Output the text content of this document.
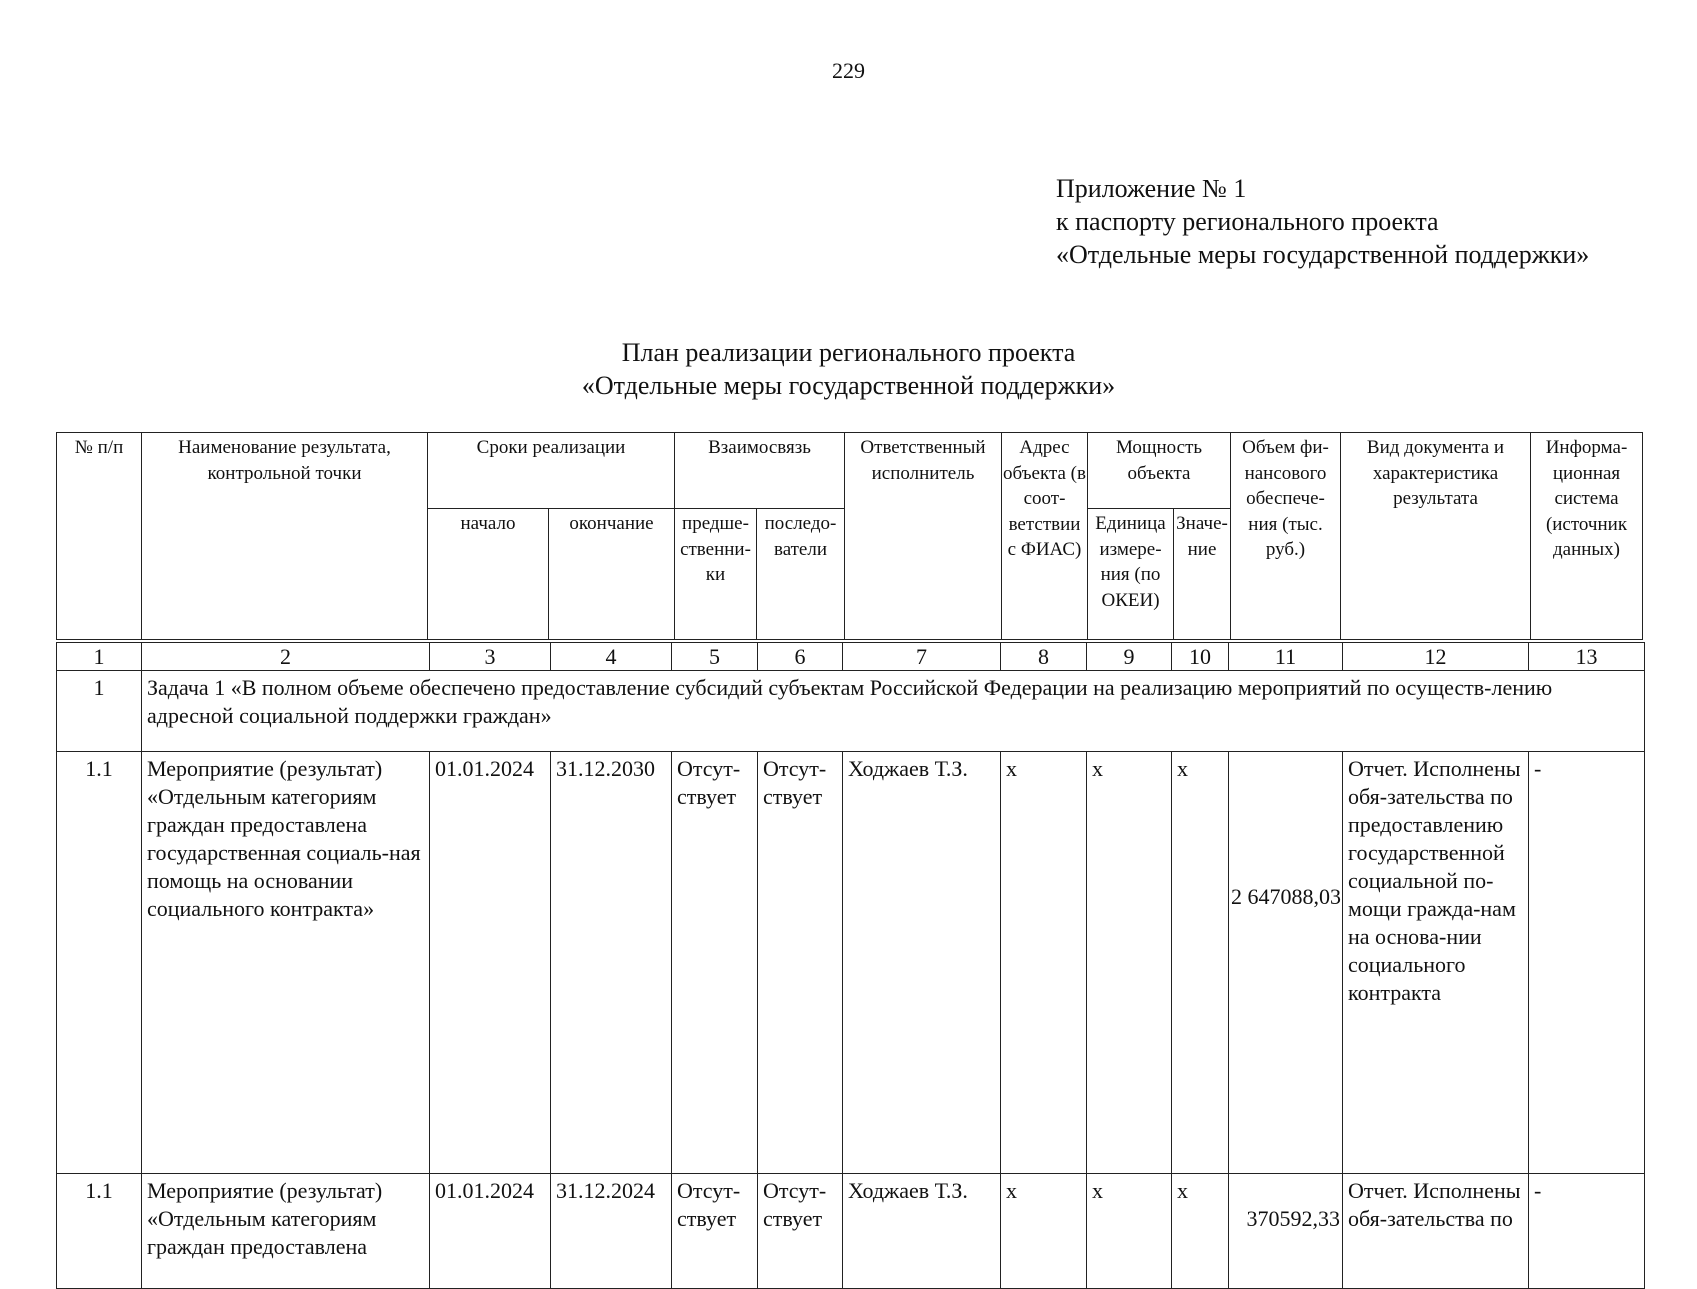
229
Приложение № 1
к паспорту регионального проекта
«Отдельные меры государственной поддержки»
План реализации регионального проекта
«Отдельные меры государственной поддержки»
№ п/п	Наименование результата, контрольной точки	Сроки реализации		Взаимосвязь		Ответственный исполнитель	Адрес объекта (в соот-ветствии с ФИАС)	Мощность объекта		Объем фи-нансового обеспече-ния (тыс. руб.)	Вид документа и характеристика результата	Информа-ционная система (источник данных)
		начало	окончание	предше-ственни-ки	последо-ватели			Единица измере-ния (по ОКЕИ)	Значе-ние			
1	2	3	4	5	6	7	8	9	10	11	12	13
1	Задача 1 «В полном объеме обеспечено предоставление субсидий субъектам Российской Федерации на реализацию мероприятий по осуществ-лению адресной социальной поддержки граждан»											
1.1	Мероприятие (результат) «Отдельным категориям граждан предоставлена государственная социаль-ная помощь на основании социального контракта»	01.01.2024	31.12.2030	Отсут-ствует	Отсут-ствует	Ходжаев Т.З.	x	x	x	2 647088,03	Отчет. Исполнены обя-зательства по предоставлению государственной социальной по-мощи гражда-нам на основа-нии социального контракта	-
1.1	Мероприятие (результат) «Отдельным категориям граждан предоставлена	01.01.2024	31.12.2024	Отсут-ствует	Отсут-ствует	Ходжаев Т.З.	x	x	x	370592,33	Отчет. Исполнены обя-зательства по	-
